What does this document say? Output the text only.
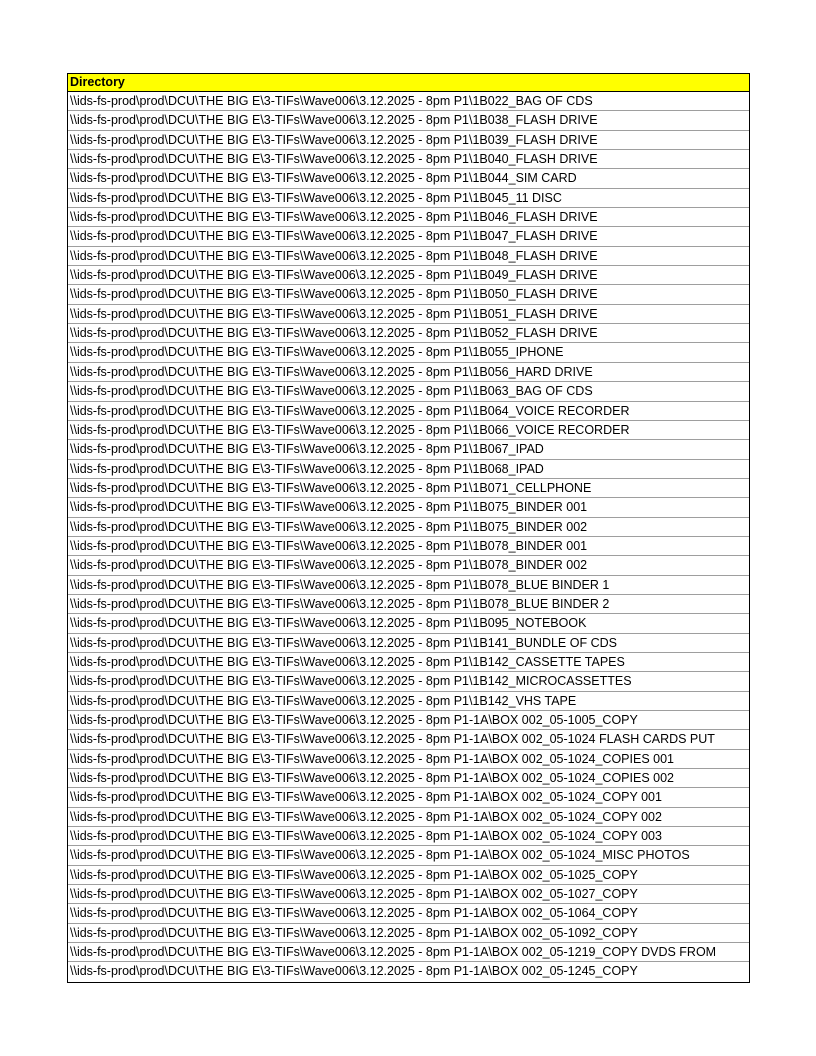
Directory
\\ids-fs-prod\prod\DCU\THE BIG E\3-TIFs\Wave006\3.12.2025 - 8pm P1\1B022_BAG OF CDS
\\ids-fs-prod\prod\DCU\THE BIG E\3-TIFs\Wave006\3.12.2025 - 8pm P1\1B038_FLASH DRIVE
\\ids-fs-prod\prod\DCU\THE BIG E\3-TIFs\Wave006\3.12.2025 - 8pm P1\1B039_FLASH DRIVE
\\ids-fs-prod\prod\DCU\THE BIG E\3-TIFs\Wave006\3.12.2025 - 8pm P1\1B040_FLASH DRIVE
\\ids-fs-prod\prod\DCU\THE BIG E\3-TIFs\Wave006\3.12.2025 - 8pm P1\1B044_SIM CARD
\\ids-fs-prod\prod\DCU\THE BIG E\3-TIFs\Wave006\3.12.2025 - 8pm P1\1B045_11 DISC
\\ids-fs-prod\prod\DCU\THE BIG E\3-TIFs\Wave006\3.12.2025 - 8pm P1\1B046_FLASH DRIVE
\\ids-fs-prod\prod\DCU\THE BIG E\3-TIFs\Wave006\3.12.2025 - 8pm P1\1B047_FLASH DRIVE
\\ids-fs-prod\prod\DCU\THE BIG E\3-TIFs\Wave006\3.12.2025 - 8pm P1\1B048_FLASH DRIVE
\\ids-fs-prod\prod\DCU\THE BIG E\3-TIFs\Wave006\3.12.2025 - 8pm P1\1B049_FLASH DRIVE
\\ids-fs-prod\prod\DCU\THE BIG E\3-TIFs\Wave006\3.12.2025 - 8pm P1\1B050_FLASH DRIVE
\\ids-fs-prod\prod\DCU\THE BIG E\3-TIFs\Wave006\3.12.2025 - 8pm P1\1B051_FLASH DRIVE
\\ids-fs-prod\prod\DCU\THE BIG E\3-TIFs\Wave006\3.12.2025 - 8pm P1\1B052_FLASH DRIVE
\\ids-fs-prod\prod\DCU\THE BIG E\3-TIFs\Wave006\3.12.2025 - 8pm P1\1B055_IPHONE
\\ids-fs-prod\prod\DCU\THE BIG E\3-TIFs\Wave006\3.12.2025 - 8pm P1\1B056_HARD DRIVE
\\ids-fs-prod\prod\DCU\THE BIG E\3-TIFs\Wave006\3.12.2025 - 8pm P1\1B063_BAG OF CDS
\\ids-fs-prod\prod\DCU\THE BIG E\3-TIFs\Wave006\3.12.2025 - 8pm P1\1B064_VOICE RECORDER
\\ids-fs-prod\prod\DCU\THE BIG E\3-TIFs\Wave006\3.12.2025 - 8pm P1\1B066_VOICE RECORDER
\\ids-fs-prod\prod\DCU\THE BIG E\3-TIFs\Wave006\3.12.2025 - 8pm P1\1B067_IPAD
\\ids-fs-prod\prod\DCU\THE BIG E\3-TIFs\Wave006\3.12.2025 - 8pm P1\1B068_IPAD
\\ids-fs-prod\prod\DCU\THE BIG E\3-TIFs\Wave006\3.12.2025 - 8pm P1\1B071_CELLPHONE
\\ids-fs-prod\prod\DCU\THE BIG E\3-TIFs\Wave006\3.12.2025 - 8pm P1\1B075_BINDER 001
\\ids-fs-prod\prod\DCU\THE BIG E\3-TIFs\Wave006\3.12.2025 - 8pm P1\1B075_BINDER 002
\\ids-fs-prod\prod\DCU\THE BIG E\3-TIFs\Wave006\3.12.2025 - 8pm P1\1B078_BINDER 001
\\ids-fs-prod\prod\DCU\THE BIG E\3-TIFs\Wave006\3.12.2025 - 8pm P1\1B078_BINDER 002
\\ids-fs-prod\prod\DCU\THE BIG E\3-TIFs\Wave006\3.12.2025 - 8pm P1\1B078_BLUE BINDER 1
\\ids-fs-prod\prod\DCU\THE BIG E\3-TIFs\Wave006\3.12.2025 - 8pm P1\1B078_BLUE BINDER 2
\\ids-fs-prod\prod\DCU\THE BIG E\3-TIFs\Wave006\3.12.2025 - 8pm P1\1B095_NOTEBOOK
\\ids-fs-prod\prod\DCU\THE BIG E\3-TIFs\Wave006\3.12.2025 - 8pm P1\1B141_BUNDLE OF CDS
\\ids-fs-prod\prod\DCU\THE BIG E\3-TIFs\Wave006\3.12.2025 - 8pm P1\1B142_CASSETTE TAPES
\\ids-fs-prod\prod\DCU\THE BIG E\3-TIFs\Wave006\3.12.2025 - 8pm P1\1B142_MICROCASSETTES
\\ids-fs-prod\prod\DCU\THE BIG E\3-TIFs\Wave006\3.12.2025 - 8pm P1\1B142_VHS TAPE
\\ids-fs-prod\prod\DCU\THE BIG E\3-TIFs\Wave006\3.12.2025 - 8pm P1-1A\BOX 002_05-1005_COPY
\\ids-fs-prod\prod\DCU\THE BIG E\3-TIFs\Wave006\3.12.2025 - 8pm P1-1A\BOX 002_05-1024 FLASH CARDS PUT
\\ids-fs-prod\prod\DCU\THE BIG E\3-TIFs\Wave006\3.12.2025 - 8pm P1-1A\BOX 002_05-1024_COPIES 001
\\ids-fs-prod\prod\DCU\THE BIG E\3-TIFs\Wave006\3.12.2025 - 8pm P1-1A\BOX 002_05-1024_COPIES 002
\\ids-fs-prod\prod\DCU\THE BIG E\3-TIFs\Wave006\3.12.2025 - 8pm P1-1A\BOX 002_05-1024_COPY 001
\\ids-fs-prod\prod\DCU\THE BIG E\3-TIFs\Wave006\3.12.2025 - 8pm P1-1A\BOX 002_05-1024_COPY 002
\\ids-fs-prod\prod\DCU\THE BIG E\3-TIFs\Wave006\3.12.2025 - 8pm P1-1A\BOX 002_05-1024_COPY 003
\\ids-fs-prod\prod\DCU\THE BIG E\3-TIFs\Wave006\3.12.2025 - 8pm P1-1A\BOX 002_05-1024_MISC PHOTOS
\\ids-fs-prod\prod\DCU\THE BIG E\3-TIFs\Wave006\3.12.2025 - 8pm P1-1A\BOX 002_05-1025_COPY
\\ids-fs-prod\prod\DCU\THE BIG E\3-TIFs\Wave006\3.12.2025 - 8pm P1-1A\BOX 002_05-1027_COPY
\\ids-fs-prod\prod\DCU\THE BIG E\3-TIFs\Wave006\3.12.2025 - 8pm P1-1A\BOX 002_05-1064_COPY
\\ids-fs-prod\prod\DCU\THE BIG E\3-TIFs\Wave006\3.12.2025 - 8pm P1-1A\BOX 002_05-1092_COPY
\\ids-fs-prod\prod\DCU\THE BIG E\3-TIFs\Wave006\3.12.2025 - 8pm P1-1A\BOX 002_05-1219_COPY DVDS FROM
\\ids-fs-prod\prod\DCU\THE BIG E\3-TIFs\Wave006\3.12.2025 - 8pm P1-1A\BOX 002_05-1245_COPY
